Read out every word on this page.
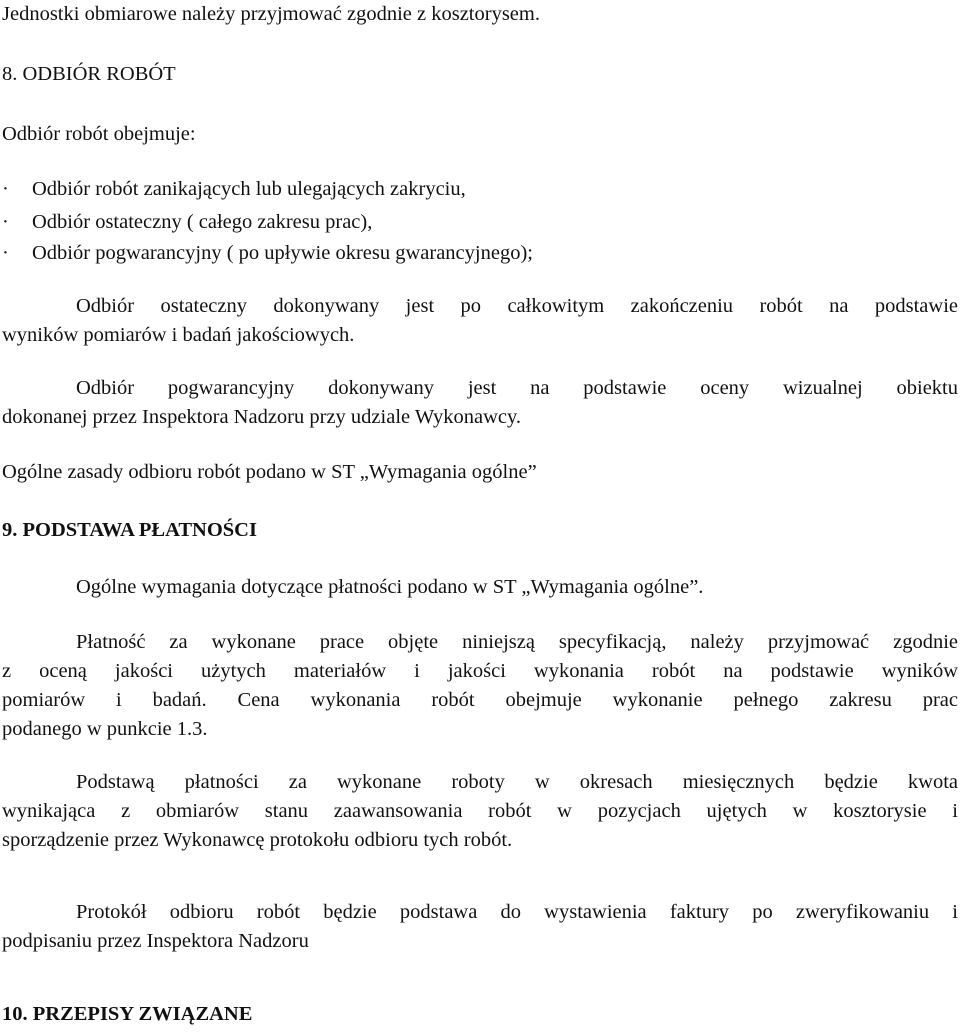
Jednostki obmiarowe należy przyjmować zgodnie z kosztorysem.
8. ODBIÓR ROBÓT
Odbiór robót obejmuje:
· Odbiór robót zanikających lub ulegających zakryciu,
· Odbiór ostateczny ( całego zakresu prac),
· Odbiór pogwarancyjny ( po upływie okresu gwarancyjnego);
Odbiór ostateczny dokonywany jest po całkowitym zakończeniu robót na podstawie
wyników pomiarów i badań jakościowych.
Odbiór pogwarancyjny dokonywany jest na podstawie oceny wizualnej obiektu
dokonanej przez Inspektora Nadzoru przy udziale Wykonawcy.
Ogólne zasady odbioru robót podano w ST „Wymagania ogólne”
9. PODSTAWA PŁATNOŚCI
Ogólne wymagania dotyczące płatności podano w ST „Wymagania ogólne”.
Płatność za wykonane prace objęte niniejszą specyfikacją, należy przyjmować zgodnie
z oceną jakości użytych materiałów i jakości wykonania robót na podstawie wyników
pomiarów i badań. Cena wykonania robót obejmuje wykonanie pełnego zakresu prac
podanego w punkcie 1.3.
Podstawą płatności za wykonane roboty w okresach miesięcznych będzie kwota
wynikająca z obmiarów stanu zaawansowania robót w pozycjach ujętych w kosztorysie i
sporządzenie przez Wykonawcę protokołu odbioru tych robót.
Protokół odbioru robót będzie podstawa do wystawienia faktury po zweryfikowaniu i
podpisaniu przez Inspektora Nadzoru
10. PRZEPISY ZWIĄZANE
